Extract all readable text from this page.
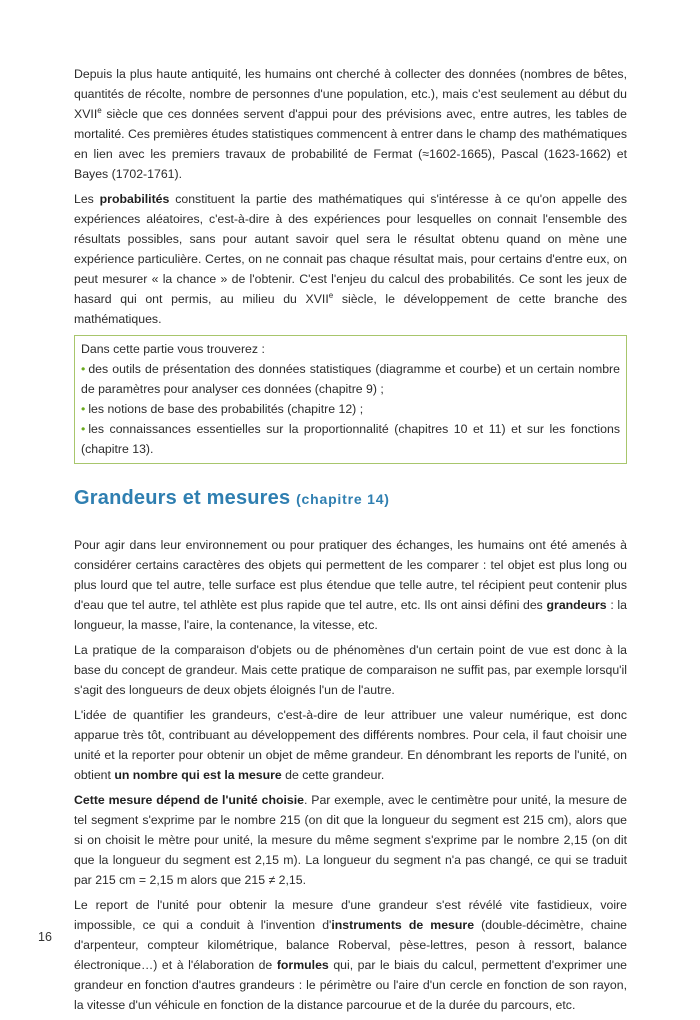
Depuis la plus haute antiquité, les humains ont cherché à collecter des données (nombres de bêtes, quantités de récolte, nombre de personnes d'une population, etc.), mais c'est seulement au début du XVIIe siècle que ces données servent d'appui pour des prévisions avec, entre autres, les tables de mortalité. Ces premières études statistiques commencent à entrer dans le champ des mathématiques en lien avec les premiers travaux de probabilité de Fermat (≈1602-1665), Pascal (1623-1662) et Bayes (1702-1761).

Les probabilités constituent la partie des mathématiques qui s'intéresse à ce qu'on appelle des expériences aléatoires, c'est-à-dire à des expériences pour lesquelles on connait l'ensemble des résultats possibles, sans pour autant savoir quel sera le résultat obtenu quand on mène une expérience particulière. Certes, on ne connait pas chaque résultat mais, pour certains d'entre eux, on peut mesurer « la chance » de l'obtenir. C'est l'enjeu du calcul des probabilités. Ce sont les jeux de hasard qui ont permis, au milieu du XVIIe siècle, le développement de cette branche des mathématiques.

Dans cette partie vous trouverez :
• des outils de présentation des données statistiques (diagramme et courbe) et un certain nombre de paramètres pour analyser ces données (chapitre 9) ;
• les notions de base des probabilités (chapitre 12) ;
• les connaissances essentielles sur la proportionnalité (chapitres 10 et 11) et sur les fonctions (chapitre 13).
Grandeurs et mesures (chapitre 14)

Pour agir dans leur environnement ou pour pratiquer des échanges, les humains ont été amenés à considérer certains caractères des objets qui permettent de les comparer : tel objet est plus long ou plus lourd que tel autre, telle surface est plus étendue que telle autre, tel récipient peut contenir plus d'eau que tel autre, tel athlète est plus rapide que tel autre, etc. Ils ont ainsi défini des grandeurs : la longueur, la masse, l'aire, la contenance, la vitesse, etc.

La pratique de la comparaison d'objets ou de phénomènes d'un certain point de vue est donc à la base du concept de grandeur. Mais cette pratique de comparaison ne suffit pas, par exemple lorsqu'il s'agit des longueurs de deux objets éloignés l'un de l'autre.

L'idée de quantifier les grandeurs, c'est-à-dire de leur attribuer une valeur numérique, est donc apparue très tôt, contribuant au développement des différents nombres. Pour cela, il faut choisir une unité et la reporter pour obtenir un objet de même grandeur. En dénombrant les reports de l'unité, on obtient un nombre qui est la mesure de cette grandeur.

Cette mesure dépend de l'unité choisie. Par exemple, avec le centimètre pour unité, la mesure de tel segment s'exprime par le nombre 215 (on dit que la longueur du segment est 215 cm), alors que si on choisit le mètre pour unité, la mesure du même segment s'exprime par le nombre 2,15 (on dit que la longueur du segment est 2,15 m). La longueur du segment n'a pas changé, ce qui se traduit par 215 cm = 2,15 m alors que 215 ≠ 2,15.

Le report de l'unité pour obtenir la mesure d'une grandeur s'est révélé vite fastidieux, voire impossible, ce qui a conduit à l'invention d'instruments de mesure (double-décimètre, chaine d'arpenteur, compteur kilométrique, balance Roberval, pèse-lettres, peson à ressort, balance électronique…) et à l'élaboration de formules qui, par le biais du calcul, permettent d'exprimer une grandeur en fonction d'autres grandeurs : le périmètre ou l'aire d'un cercle en fonction de son rayon, la vitesse d'un véhicule en fonction de la distance parcourue et de la durée du parcours, etc.

16
